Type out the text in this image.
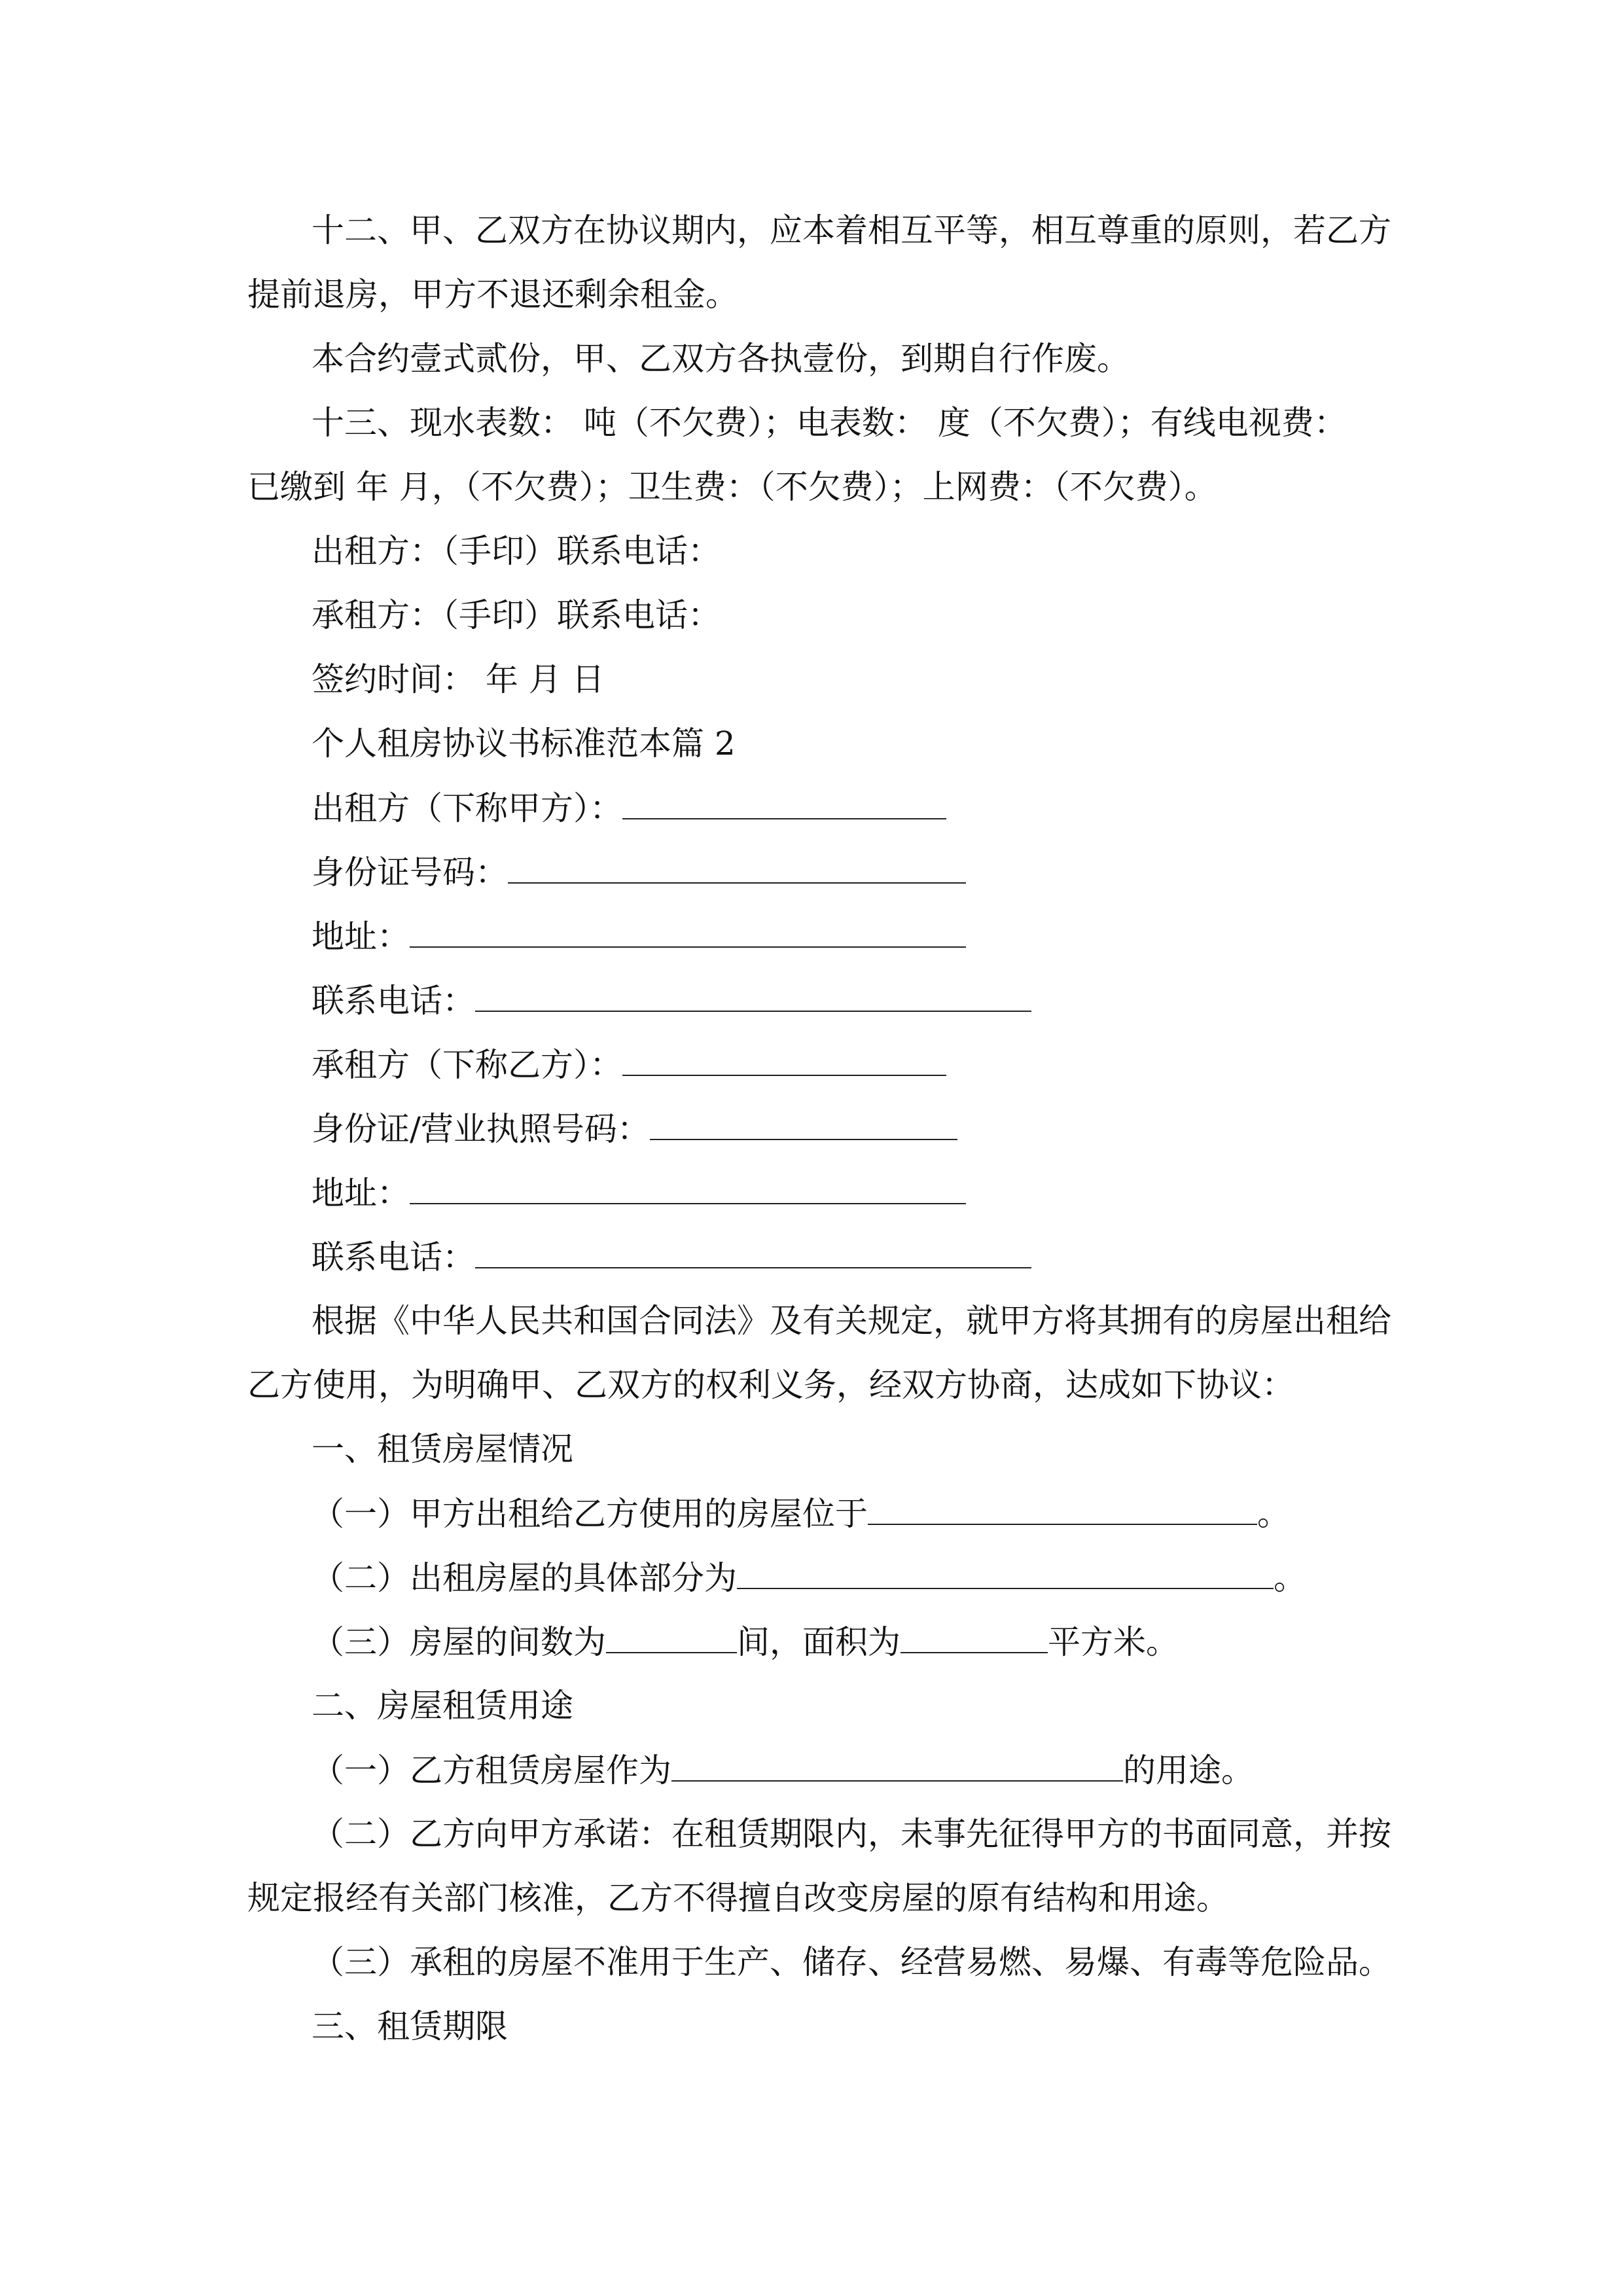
十二、甲、乙双方在协议期内，应本着相互平等，相互尊重的原则，若乙方

提前退房，甲方不退还剩余租金。

本合约壹式贰份，甲、乙双方各执壹份，到期自行作废。

十三、现水表数： 吨（不欠费）；电表数： 度（不欠费）；有线电视费：

已缴到 年 月，（不欠费）；卫生费：（不欠费）；上网费：（不欠费）。

出租方：（手印）联系电话：

承租方：（手印）联系电话：

签约时间： 年 月 日

个人租房协议书标准范本篇 2

出租方（下称甲方）：

身份证号码：

地址：

联系电话：

承租方（下称乙方）：

身份证/营业执照号码：

地址：

联系电话：

根据《中华人民共和国合同法》及有关规定，就甲方将其拥有的房屋出租给

乙方使用，为明确甲、乙双方的权利义务，经双方协商，达成如下协议：

一、租赁房屋情况

（一）甲方出租给乙方使用的房屋位于	。

（二）出租房屋的具体部分为	。

（三）房屋的间数为	间，面积为	平方米。

二、房屋租赁用途

（一）乙方租赁房屋作为	的用途。

（二）乙方向甲方承诺：在租赁期限内，未事先征得甲方的书面同意，并按

规定报经有关部门核准，乙方不得擅自改变房屋的原有结构和用途。

（三）承租的房屋不准用于生产、储存、经营易燃、易爆、有毒等危险品。

三、租赁期限
